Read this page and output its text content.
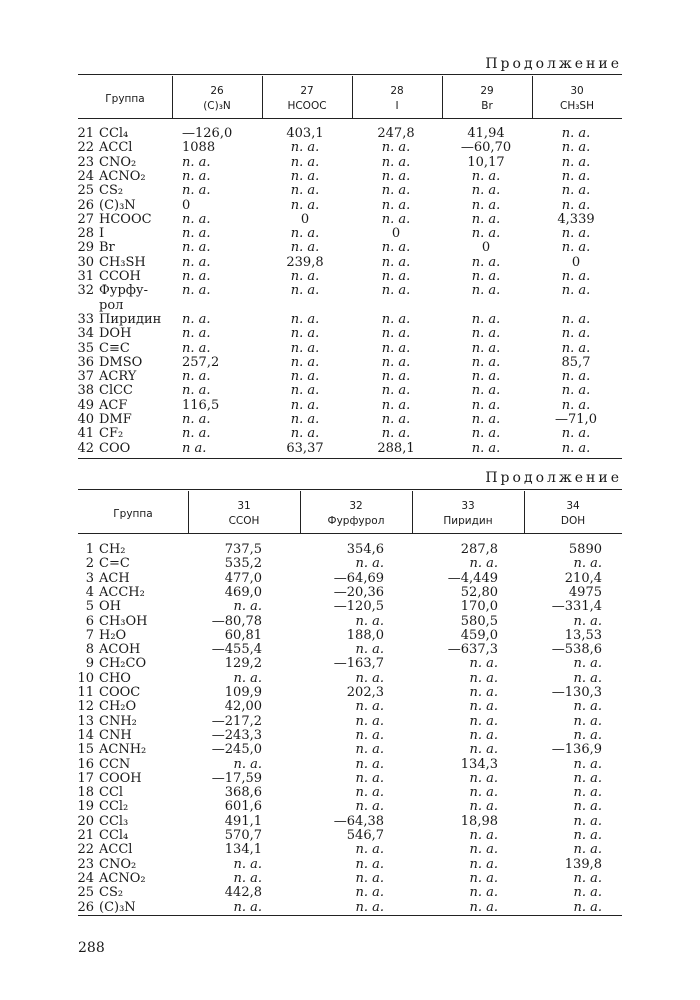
Продолжение
Группа
26
(C)₃N
27
HCOOC
28
I
29
Br
30
CH₃SH
21 CCl₄	—126,0	403,1	247,8	41,94	n. a.
22 ACCl	1088	n. a.	n. a.	—60,70	n. a.
23 CNO₂	n. a.	n. a.	n. a.	10,17	n. a.
24 ACNO₂	n. a.	n. a.	n. a.	n. a.	n. a.
25 CS₂	n. a.	n. a.	n. a.	n. a.	n. a.
26 (C)₃N	0	n. a.	n. a.	n. a.	n. a.
27 HCOOC n. a.	0	n. a.	n. a.	4,339
28 I	n. a.	n. a.	0	n. a.	n. a.
29 Br	n. a.	n. a.	n. a.	0	n. a.
30 CH₃SH	n. a.	239,8	n. a.	n. a.	0
31 CCOH	n. a.	n. a.	n. a.	n. a.	n. a.
32 Фурфу-
рол
n. a.	n. a.	n. a.	n. a.	n. a.
33 Пиридин n. a.	n. a.	n. a.	n. a.	n. a.
34 DOH	n. a.	n. a.	n. a.	n. a.	n. a.
35 C≡C	n. a.	n. a.	n. a.	n. a.	n. a.
36 DMSO	257,2	n. a.	n. a.	n. a.	85,7
37 ACRY	n. a.	n. a.	n. a.	n. a.	n. a.
38 ClCC	n. a.	n. a.	n. a.	n. a.	n. a.
49 ACF	116,5	n. a.	n. a.	n. a.	n. a.
40 DMF	n. a.	n. a.	n. a.	n. a.	—71,0
41 CF₂	n. a.	n. a.	n. a.	n. a.	n. a.
42 COO	n a.	63,37	288,1	n. a.	n. a.
Продолжение
Группа
31
CCOH
32
Фурфурол
33
Пиридин
34
DOH
1 CH₂	737,5	354,6	287,8	5890
2 C=C	535,2	n. a.	n. a.	n. a.
3 ACH	477,0	—64,69	—4,449	210,4
4 ACCH₂	469,0	—20,36	52,80	4975
5 OH	n. a.	—120,5	170,0	—331,4
6 CH₃OH	—80,78	n. a.	580,5	n. a.
7 H₂O	60,81	188,0	459,0	13,53
8 ACOH	—455,4	n. a.	—637,3	—538,6
9 CH₂CO	129,2	—163,7	n. a.	n. a.
10 CHO	n. a.	n. a.	n. a.	n. a.
11 COOC	109,9	202,3	n. a.	—130,3
12 CH₂O	42,00	n. a.	n. a.	n. a.
13 CNH₂	—217,2	n. a.	n. a.	n. a.
14 CNH	—243,3	n. a.	n. a.	n. a.
15 ACNH₂	—245,0	n. a.	n. a.	—136,9
16 CCN	n. a.	n. a.	134,3	n. a.
17 COOH	—17,59	n. a.	n. a.	n. a.
18 CCl	368,6	n. a.	n. a.	n. a.
19 CCl₂	601,6	n. a.	n. a.	n. a.
20 CCl₃	491,1	—64,38	18,98	n. a.
21 CCl₄	570,7	546,7	n. a.	n. a.
22 ACCl	134,1	n. a.	n. a.	n. a.
23 CNO₂	n. a.	n. a.	n. a.	139,8
24 ACNO₂	n. a.	n. a.	n. a.	n. a.
25 CS₂	442,8	n. a.	n. a.	n. a.
26 (C)₃N	n. a.	n. a.	n. a.	n. a.
288
